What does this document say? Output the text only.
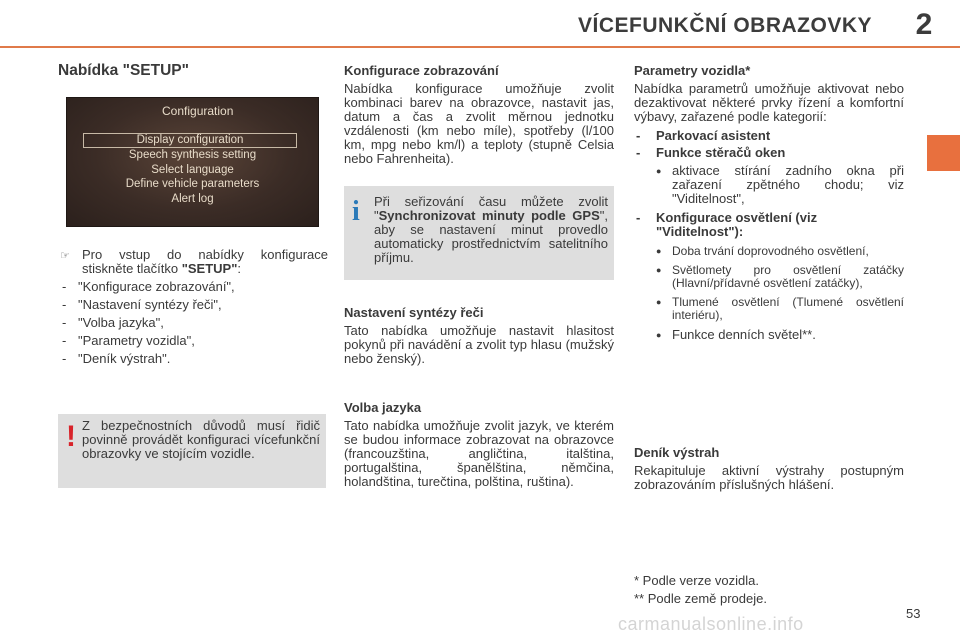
VÍCEFUNKČNÍ OBRAZOVKY	2
Nabídka "SETUP"
Configuration
Display configuration
Speech synthesis setting
Select language
Define vehicle parameters
Alert log
☞ Pro vstup do nabídky konfigurace stiskněte tlačítko "SETUP":
- "Konfigurace zobrazování",
- "Nastavení syntézy řeči",
- "Volba jazyka",
- "Parametry vozidla",
- "Deník výstrah".
! Z bezpečnostních důvodů musí řidič povinně provádět konfiguraci vícefunkční obrazovky ve stojícím vozidle.
Konfigurace zobrazování

Nabídka konfigurace umožňuje zvolit kombinaci barev na obrazovce, nastavit jas, datum a čas a zvolit měrnou jednotku vzdálenosti (km nebo míle), spotřeby (l/100 km, mpg nebo km/l) a teploty (stupně Celsia nebo Fahrenheita).

i Při seřizování času můžete zvolit "Synchronizovat minuty podle GPS", aby se nastavení minut provedlo automaticky prostřednictvím satelitního příjmu.
Nastavení syntézy řeči

Tato nabídka umožňuje nastavit hlasitost pokynů při navádění a zvolit typ hlasu (mužský nebo ženský).

Volba jazyka

Tato nabídka umožňuje zvolit jazyk, ve kterém se budou informace zobrazovat na obrazovce (francouzština, angličtina, italština, portugalština, španělština, němčina, holandština, turečtina, polština, ruština).

Parametry vozidla*

Nabídka parametrů umožňuje aktivovat nebo dezaktivovat některé prvky řízení a komfortní výbavy, zařazené podle kategorií:

- Parkovací asistent
- Funkce stěračů oken
● aktivace stírání zadního okna při zařazení zpětného chodu; viz "Viditelnost",
- Konfigurace osvětlení (viz "Viditelnost"):
● Doba trvání doprovodného osvětlení,
● Světlomety pro osvětlení zatáčky (Hlavní/přídavné osvětlení zatáčky),
● Tlumené osvětlení (Tlumené osvětlení interiéru),
● Funkce denních světel**.
Deník výstrah

Rekapituluje aktivní výstrahy postupným zobrazováním příslušných hlášení.

* Podle verze vozidla.
** Podle země prodeje.
53
carmanualsonline.info
